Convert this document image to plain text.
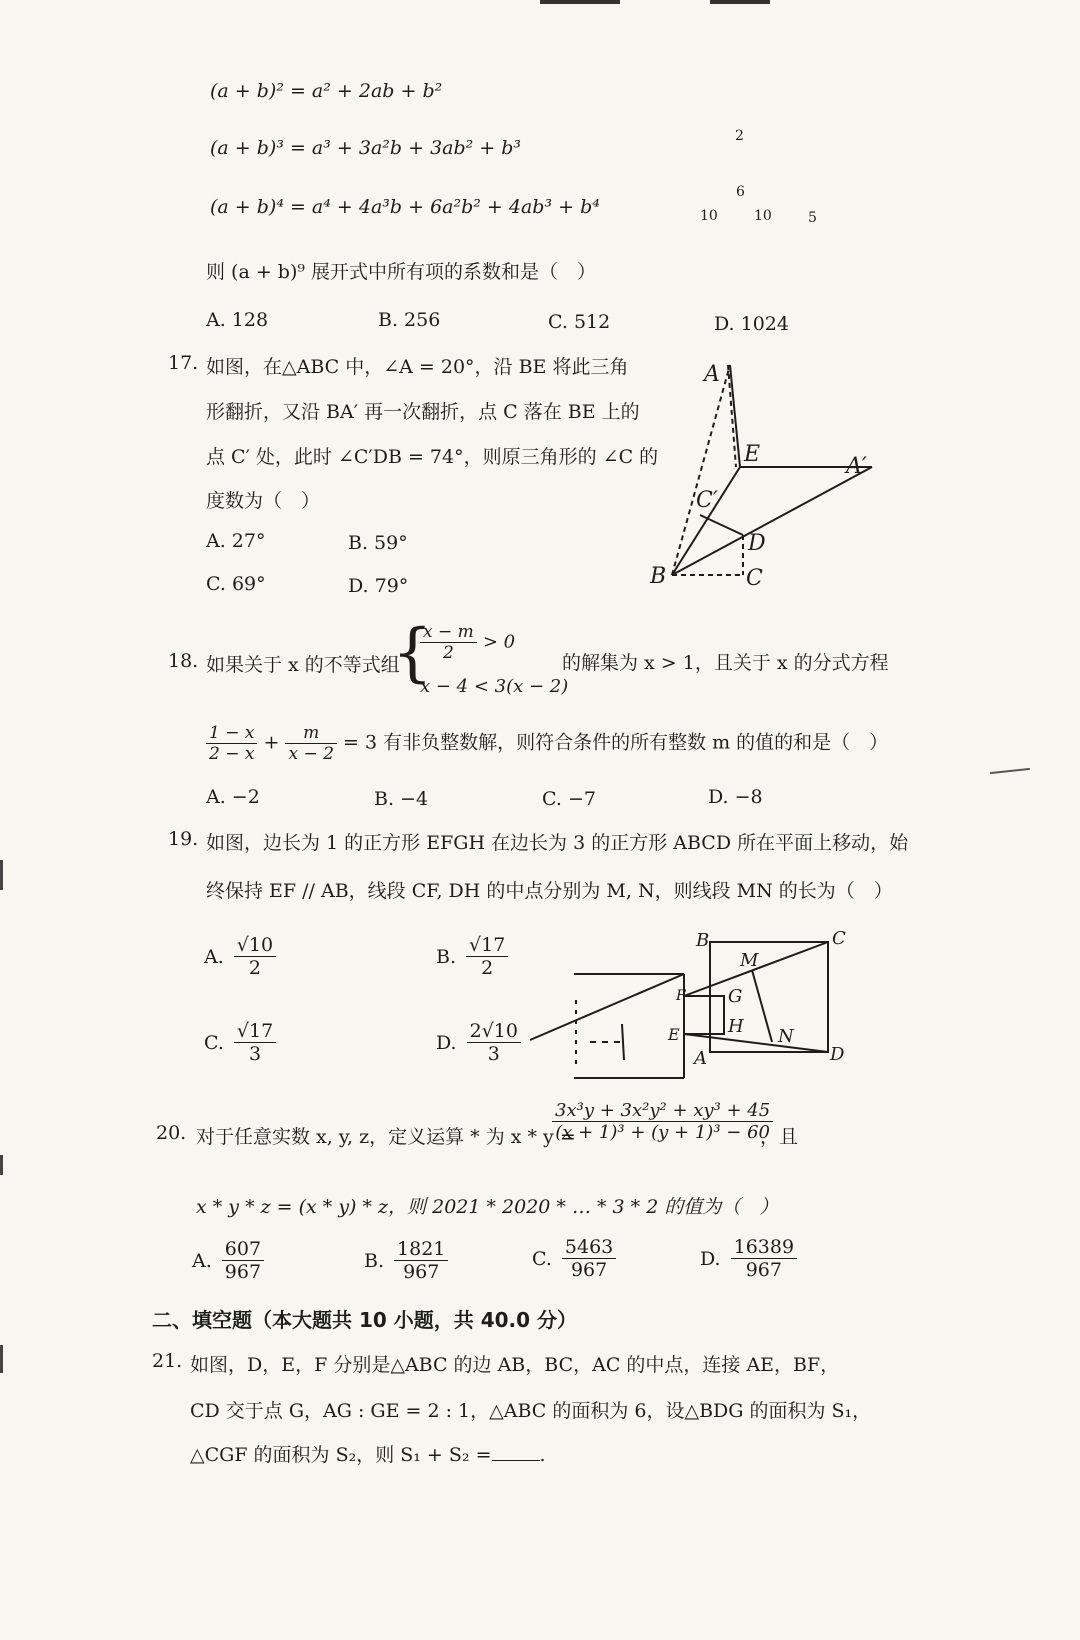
(a + b)² = a² + 2ab + b²
(a + b)³ = a³ + 3a²b + 3ab² + b³
(a + b)⁴ = a⁴ + 4a³b + 6a²b² + 4ab³ + b⁴
2
6
10	10	5
则 (a + b)⁹ 展开式中所有项的系数和是（　）
A. 128	B. 256	C. 512	D. 1024
17. 如图，在△ABC 中，∠A = 20°，沿 BE 将此三角
形翻折，又沿 BA′ 再一次翻折，点 C 落在 BE 上的
点 C′ 处，此时 ∠C′DB = 74°，则原三角形的 ∠C 的
度数为（　）
A. 27°	B. 59°
C. 69°	D. 79°
A
E	A′
C′
D
B	C
18. 如果关于 x 的不等式组
{
$\frac{x - m}{2} > 0$
x − 4 < 3(x − 2)
的解集为 x > 1，且关于 x 的分式方程
$\frac{1 - x}{2 - x} + \frac{m}{x - 2} = 3$ 有非负整数解，则符合条件的所有整数 m 的值的和是（　）
A. −2	B. −4	C. −7	D. −8
19. 如图，边长为 1 的正方形 EFGH 在边长为 3 的正方形 ABCD 所在平面上移动，始
终保持 EF // AB，线段 CF, DH 的中点分别为 M, N，则线段 MN 的长为（　）
A. $\frac{√10}{2}$	B. $\frac{√17}{2}$
C. $\frac{√17}{3}$	D. $\frac{2√10}{3}$
B	C
M
G
H N
A	D
F
E
20. 对于任意实数 x, y, z，定义运算 * 为 x * y =
$\frac{\text{3x³y + 3x²y² + xy³ + 45}}{\text{(x + 1)³ + (y + 1)³ − 60}}$
，且
x * y * z = (x * y) * z，则 2021 * 2020 * … * 3 * 2 的值为（　）
A. $\frac{607}{967}$	B. $\frac{1821}{967}$	C. $\frac{5463}{967}$	D. $\frac{16389}{967}$
二、填空题（本大题共 10 小题，共 40.0 分）
21. 如图，D，E，F 分别是△ABC 的边 AB，BC，AC 的中点，连接 AE，BF，
CD 交于点 G，AG : GE = 2 : 1，△ABC 的面积为 6，设△BDG 的面积为 S₁，
△CGF 的面积为 S₂，则 S₁ + S₂ =	.
